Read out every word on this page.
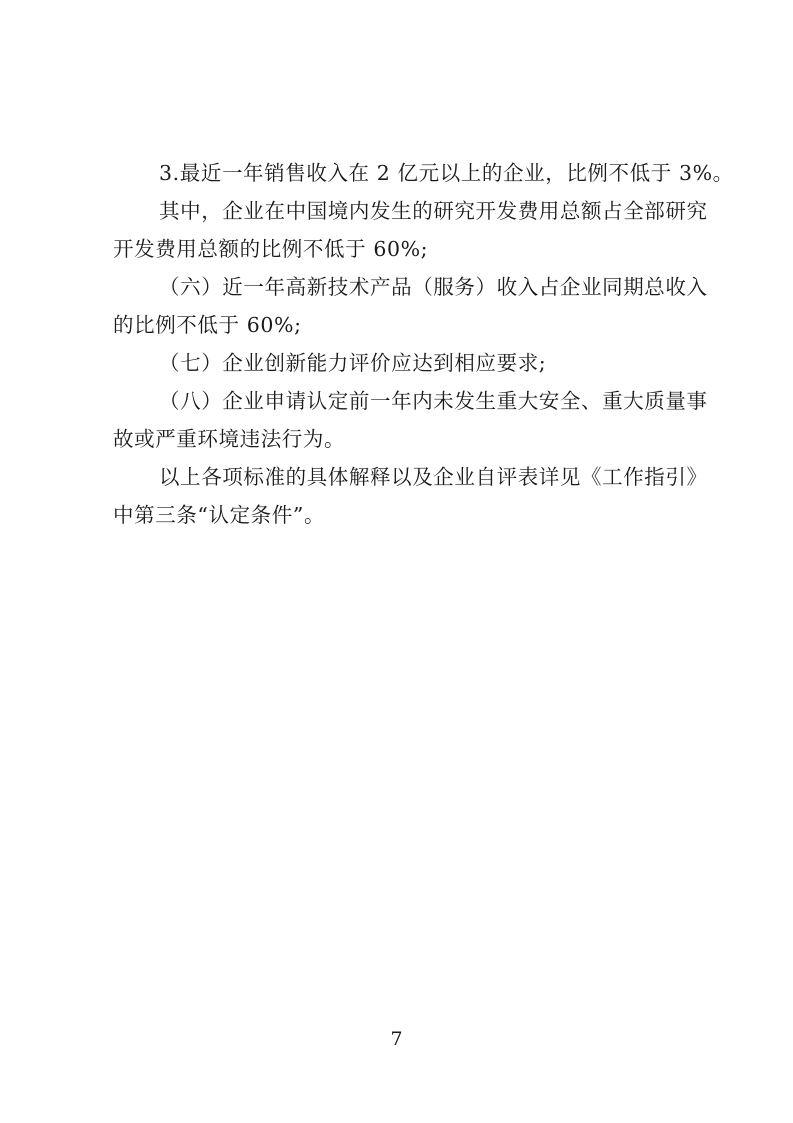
3.最近一年销售收入在 2 亿元以上的企业，比例不低于 3%。
其中，企业在中国境内发生的研究开发费用总额占全部研究
开发费用总额的比例不低于 60%;
（六）近一年高新技术产品（服务）收入占企业同期总收入
的比例不低于 60%;
（七）企业创新能力评价应达到相应要求;
（八）企业申请认定前一年内未发生重大安全、重大质量事
故或严重环境违法行为。
以上各项标准的具体解释以及企业自评表详见《工作指引》
中第三条“认定条件”。
7
